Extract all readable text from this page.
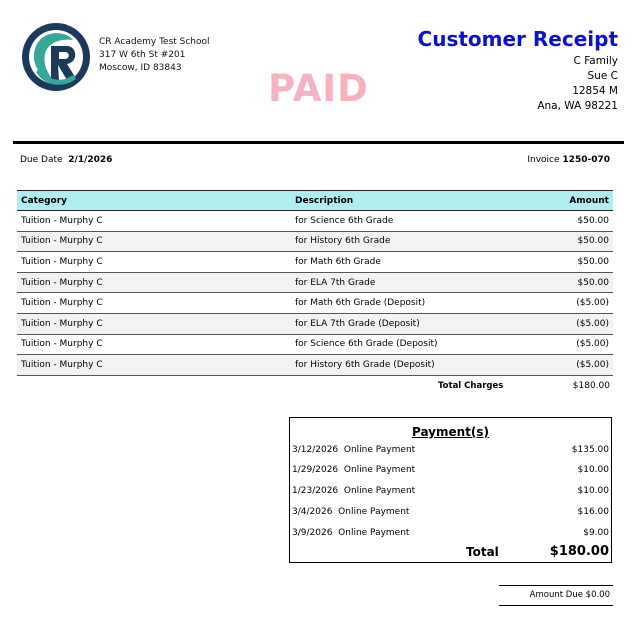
CR Academy Test School
317 W 6th St #201
Moscow, ID 83843	PAID
Customer Receipt
C Family
Sue C
12854 M
Ana, WA 98221
Due Date 2/1/2026	Invoice 1250-070
Category	Description	Amount
Tuition - Murphy C	for Science 6th Grade	$50.00
Tuition - Murphy C	for History 6th Grade	$50.00
Tuition - Murphy C	for Math 6th Grade	$50.00
Tuition - Murphy C	for ELA 7th Grade	$50.00
Tuition - Murphy C	for Math 6th Grade (Deposit)	($5.00)
Tuition - Murphy C	for ELA 7th Grade (Deposit)	($5.00)
Tuition - Murphy C	for Science 6th Grade (Deposit)	($5.00)
Tuition - Murphy C	for History 6th Grade (Deposit)	($5.00)
Total Charges	$180.00
Payment(s)
3/12/2026 Online Payment	$135.00
1/29/2026 Online Payment	$10.00
1/23/2026 Online Payment	$10.00
3/4/2026 Online Payment	$16.00
3/9/2026 Online Payment	$9.00
Total	$180.00
Amount Due $0.00
